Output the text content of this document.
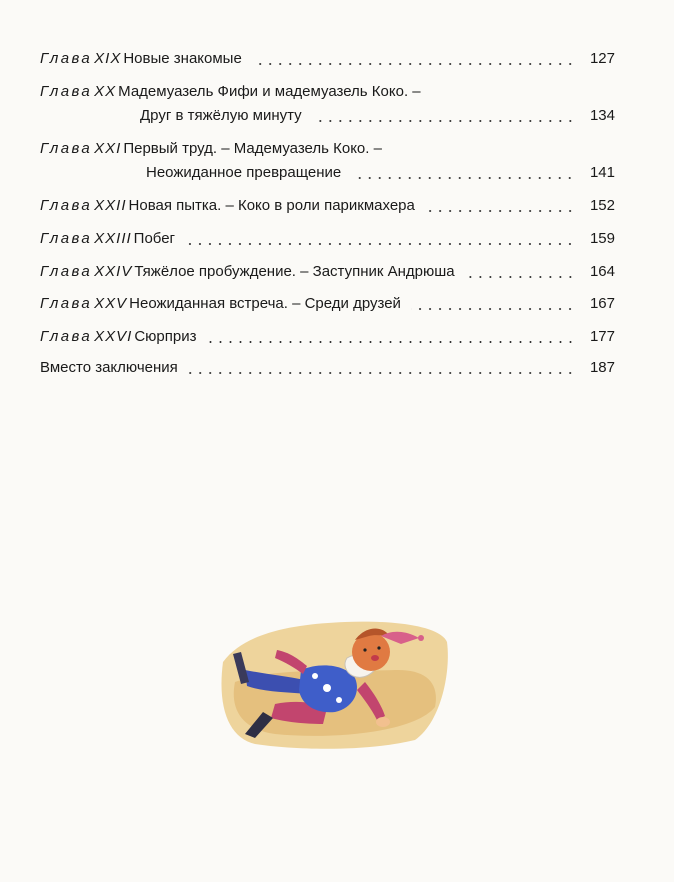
Глава XIX Новые знакомые	127
Глава XX Мадемуазель Фифи и мадемуазель Коко. –
Друг в тяжёлую минуту	134
Глава XXI Первый труд. – Мадемуазель Коко. –
Неожиданное превращение	141
Глава XXII Новая пытка. – Коко в роли парикмахера	152
Глава XXIII Побег	159
Глава XXIV Тяжёлое пробуждение. – Заступник Андрюша	164
Глава XXV Неожиданная встреча. – Среди друзей	167
Глава XXVI Сюрприз	177
Вместо заключения	187
